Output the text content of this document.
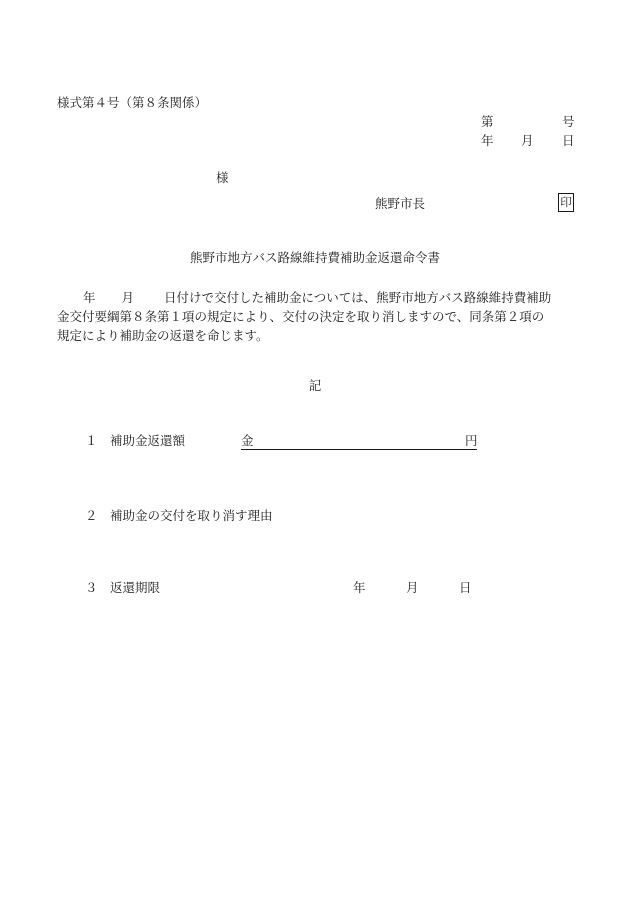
様式第４号（第８条関係）
第	号
年 月 日
様
熊野市長	印
熊野市地方バス路線維持費補助金返還命令書
年 月 日付けで交付した補助金については、熊野市地方バス路線維持費補助
金交付要綱第８条第１項の規定により、交付の決定を取り消しますので、同条第２項の
規定により補助金の返還を命じます。
記
１ 補助金返還額	金	円
２ 補助金の交付を取り消す理由
３ 返還期限	年	月	日
